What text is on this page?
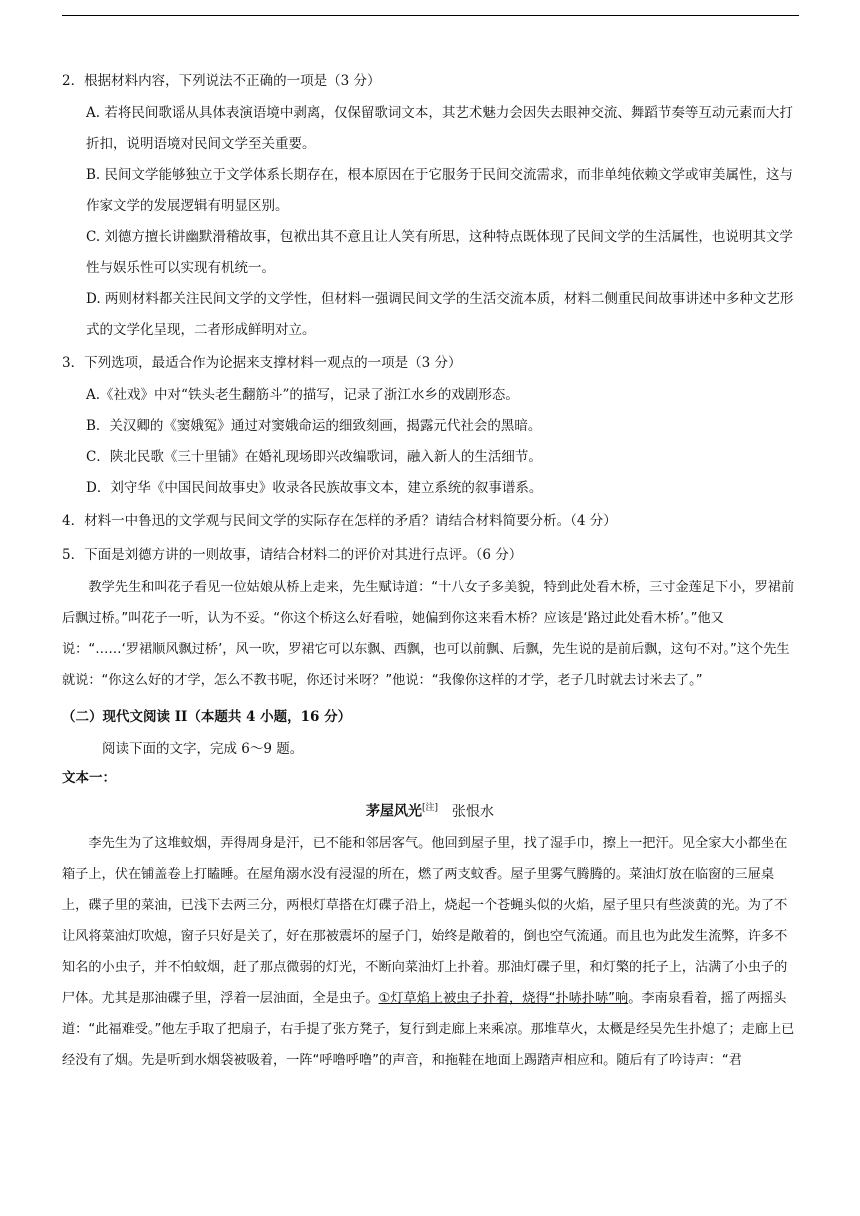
2．根据材料内容，下列说法不正确的一项是（3 分）

A. 若将民间歌谣从具体表演语境中剥离，仅保留歌词文本，其艺术魅力会因失去眼神交流、舞蹈节奏等互动元素而大打折扣，说明语境对民间文学至关重要。

B. 民间文学能够独立于文学体系长期存在，根本原因在于它服务于民间交流需求，而非单纯依赖文学或审美属性，这与作家文学的发展逻辑有明显区别。

C. 刘德方擅长讲幽默滑稽故事，包袱出其不意且让人笑有所思，这种特点既体现了民间文学的生活属性，也说明其文学性与娱乐性可以实现有机统一。

D. 两则材料都关注民间文学的文学性，但材料一强调民间文学的生活交流本质，材料二侧重民间故事讲述中多种文艺形式的文学化呈现，二者形成鲜明对立。

3．下列选项，最适合作为论据来支撑材料一观点的一项是（3 分）

A.《社戏》中对“铁头老生翻筋斗”的描写，记录了浙江水乡的戏剧形态。

B．关汉卿的《窦娥冤》通过对窦娥命运的细致刻画，揭露元代社会的黑暗。

C．陕北民歌《三十里铺》在婚礼现场即兴改编歌词，融入新人的生活细节。

D．刘守华《中国民间故事史》收录各民族故事文本，建立系统的叙事谱系。

4．材料一中鲁迅的文学观与民间文学的实际存在怎样的矛盾？请结合材料简要分析。（4 分）

5．下面是刘德方讲的一则故事，请结合材料二的评价对其进行点评。（6 分）

教学先生和叫花子看见一位姑娘从桥上走来，先生赋诗道：“十八女子多美貌，特到此处看木桥，三寸金莲足下小，罗裙前后飘过桥。”叫花子一听，认为不妥。“你这个桥这么好看啦，她偏到你这来看木桥？应该是‘路过此处看木桥’。”他又说：“……‘罗裙顺风飘过桥’，风一吹，罗裙它可以东飘、西飘，也可以前飘、后飘，先生说的是前后飘，这句不对。”这个先生就说：“你这么好的才学，怎么不教书呢，你还讨米呀？”他说：“我像你这样的才学，老子几时就去讨米去了。”

（二）现代文阅读 II（本题共 4 小题，16 分）

阅读下面的文字，完成 6～9 题。

文本一：

茅屋风光[注] 张恨水

李先生为了这堆蚊烟，弄得周身是汗，已不能和邻居客气。他回到屋子里，找了湿手巾，擦上一把汗。见全家大小都坐在箱子上，伏在铺盖卷上打瞌睡。在屋角溺水没有浸湿的所在，燃了两支蚊香。屋子里雾气腾腾的。菜油灯放在临窗的三屉桌上，碟子里的菜油，已浅下去两三分，两根灯草搭在灯碟子沿上，烧起一个苍蝇头似的火焰，屋子里只有些淡黄的光。为了不让风将菜油灯吹熄，窗子只好是关了，好在那被震坏的屋子门，始终是敞着的，倒也空气流通。而且也为此发生流弊，许多不知名的小虫子，并不怕蚊烟，赶了那点微弱的灯光，不断向菜油灯上扑着。那油灯碟子里，和灯檠的托子上，沾满了小虫子的尸体。尤其是那油碟子里，浮着一层油面，全是虫子。①灯草焰上被虫子扑着，烧得“扑哧扑哧”响。李南泉看着，摇了两摇头道：“此福难受。”他左手取了把扇子，右手提了张方凳子，复行到走廊上来乘凉。那堆草火，太概是经吴先生扑熄了；走廊上已经没有了烟。先是听到水烟袋被吸着，一阵“呼噜呼噜”的声音，和拖鞋在地面上踢踏声相应和。随后有了吟诗声：“君
